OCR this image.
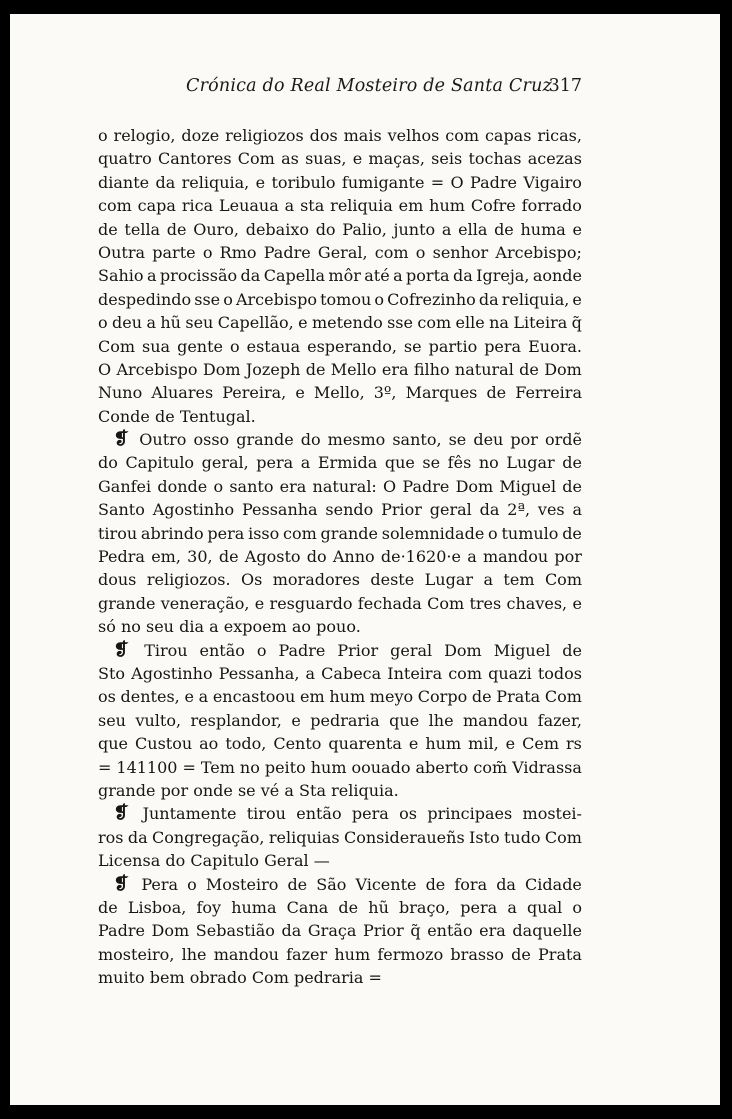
Crónica do Real Mosteiro de Santa Cruz
317
o relogio, doze religiozos dos mais velhos com capas ricas,
quatro Cantores Com as suas, e maças, seis tochas acezas
diante da reliquia, e toribulo fumigante = O Padre Vigairo
com capa rica Leuaua a sta reliquia em hum Cofre forrado
de tella de Ouro, debaixo do Palio, junto a ella de huma e
Outra parte o Rmo Padre Geral, com o senhor Arcebispo;
Sahio a procissão da Capella môr até a porta da Igreja, aonde
despedindo sse o Arcebispo tomou o Cofrezinho da reliquia, e
o deu a hũ seu Capellão, e metendo sse com elle na Liteira q̃
Com sua gente o estaua esperando, se partio pera Euora.
O Arcebispo Dom Jozeph de Mello era filho natural de Dom
Nuno Aluares Pereira, e Mello, 3º, Marques de Ferreira
Conde de Tentugal.
❡ Outro osso grande do mesmo santo, se deu por ordẽ
do Capitulo geral, pera a Ermida que se fês no Lugar de
Ganfei donde o santo era natural: O Padre Dom Miguel de
Santo Agostinho Pessanha sendo Prior geral da 2ª, ves a
tirou abrindo pera isso com grande solemnidade o tumulo de
Pedra em, 30, de Agosto do Anno de·1620·e a mandou por
dous religiozos. Os moradores deste Lugar a tem Com
grande veneração, e resguardo fechada Com tres chaves, e
só no seu dia a expoem ao pouo.
❡ Tirou então o Padre Prior geral Dom Miguel de
Sto Agostinho Pessanha, a Cabeca Inteira com quazi todos
os dentes, e a encastoou em hum meyo Corpo de Prata Com
seu vulto, resplandor, e pedraria que lhe mandou fazer,
que Custou ao todo, Cento quarenta e hum mil, e Cem rs
= 141100 = Tem no peito hum oouado aberto com̃ Vidrassa
grande por onde se vé a Sta reliquia.
❡ Juntamente tirou então pera os principaes mostei-
ros da Congregação, reliquias Consideraueñs Isto tudo Com
Licensa do Capitulo Geral —
❡ Pera o Mosteiro de São Vicente de fora da Cidade
de Lisboa, foy huma Cana de hũ braço, pera a qual o
Padre Dom Sebastião da Graça Prior q̃ então era daquelle
mosteiro, lhe mandou fazer hum fermozo brasso de Prata
muito bem obrado Com pedraria =
